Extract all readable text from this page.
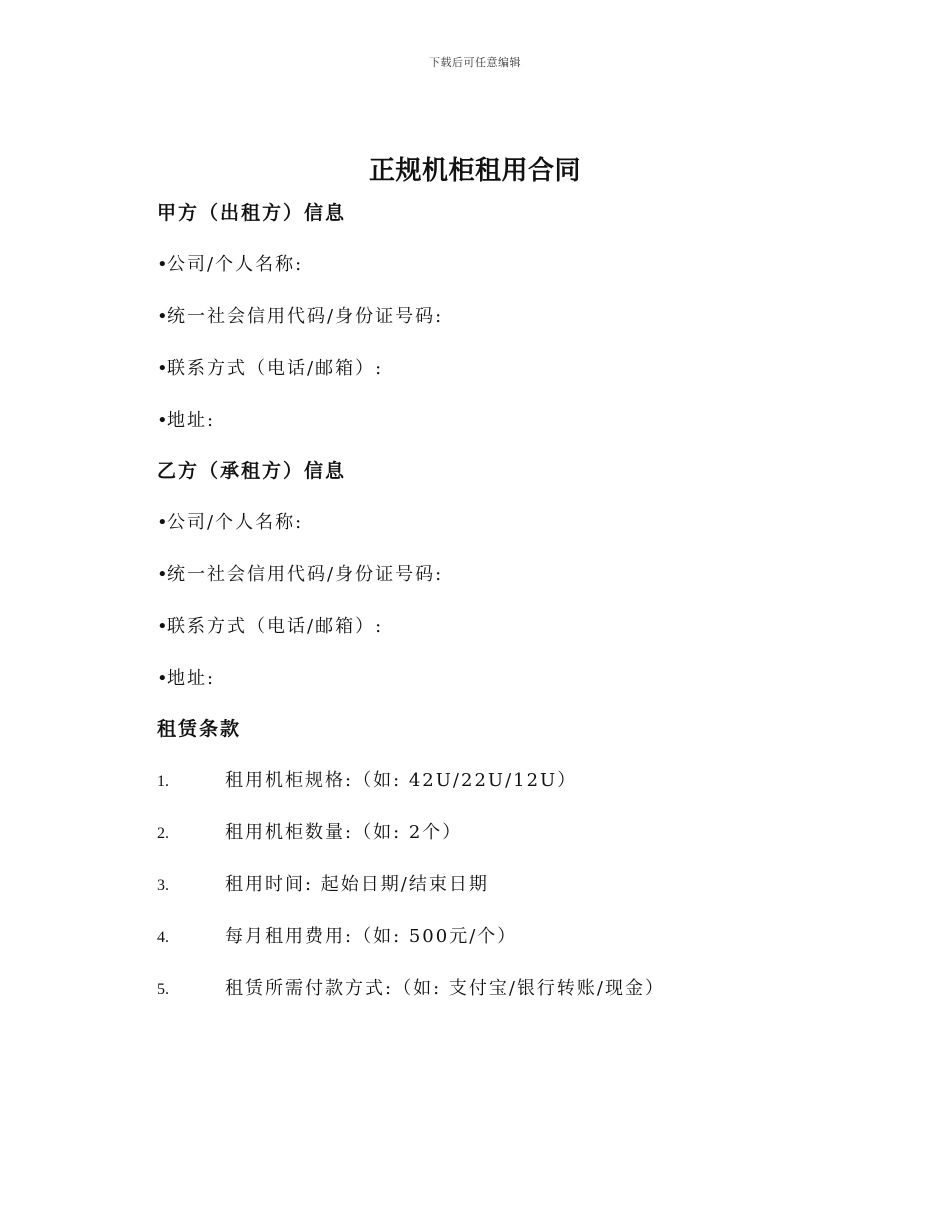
下载后可任意编辑
正规机柜租用合同
甲方（出租方）信息
•公司/个人名称:
•统一社会信用代码/身份证号码:
•联系方式（电话/邮箱）:
•地址:
乙方（承租方）信息
•公司/个人名称:
•统一社会信用代码/身份证号码:
•联系方式（电话/邮箱）:
•地址:
租赁条款
1.	租用机柜规格:（如: 42U/22U/12U）
2.	租用机柜数量:（如: 2个）
3.	租用时间: 起始日期/结束日期
4.	每月租用费用:（如: 500元/个）
5.	租赁所需付款方式:（如: 支付宝/银行转账/现金）
